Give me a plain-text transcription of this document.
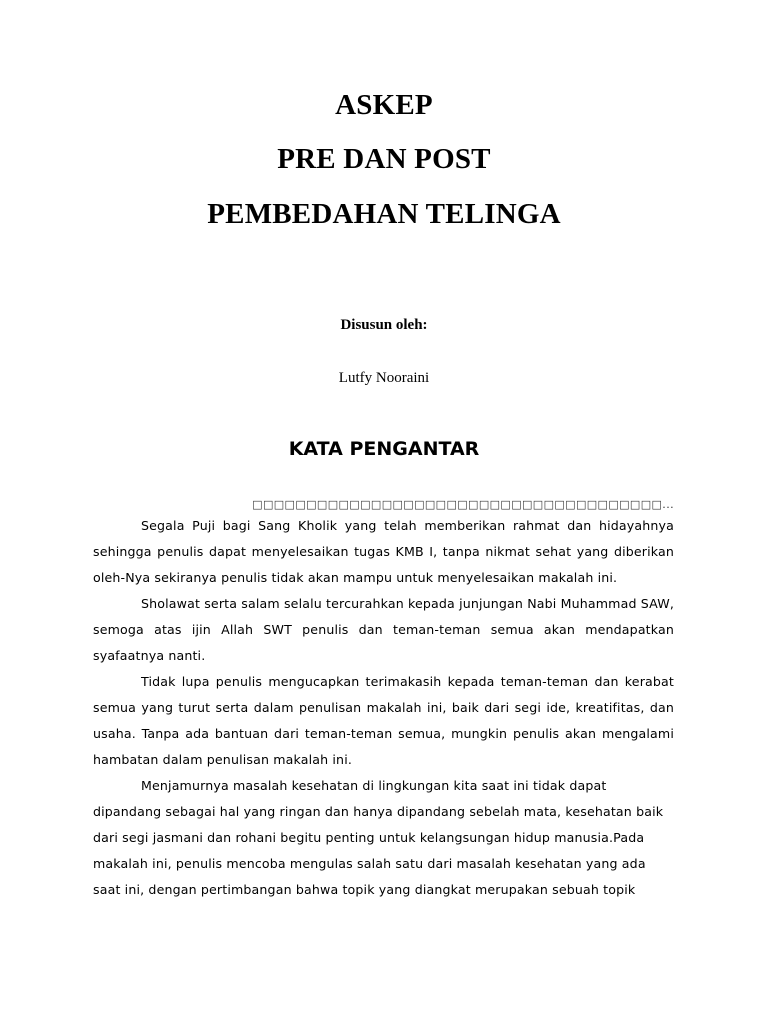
ASKEP
PRE DAN POST
PEMBEDAHAN TELINGA
Disusun oleh:
Lutfy Nooraini
KATA PENGANTAR
□□□□□□□□□□□□□□□□□□□□□□□□□□□□□□□□□□□□□□...

Segala Puji bagi Sang Kholik yang telah memberikan rahmat dan hidayahnya sehingga penulis dapat menyelesaikan tugas KMB I, tanpa nikmat sehat yang diberikan oleh-Nya sekiranya penulis tidak akan mampu untuk menyelesaikan makalah ini.

Sholawat serta salam selalu tercurahkan kepada junjungan Nabi Muhammad SAW, semoga atas ijin Allah SWT penulis dan teman-teman semua akan mendapatkan syafaatnya nanti.

Tidak lupa penulis mengucapkan terimakasih kepada teman-teman dan kerabat semua yang turut serta dalam penulisan makalah ini, baik dari segi ide, kreatifitas, dan usaha. Tanpa ada bantuan dari teman-teman semua, mungkin penulis akan mengalami hambatan dalam penulisan makalah ini.

Menjamurnya masalah kesehatan di lingkungan kita saat ini tidak dapat dipandang sebagai hal yang ringan dan hanya dipandang sebelah mata, kesehatan baik dari segi jasmani dan rohani begitu penting untuk kelangsungan hidup manusia.Pada makalah ini, penulis mencoba mengulas salah satu dari masalah kesehatan yang ada saat ini, dengan pertimbangan bahwa topik yang diangkat merupakan sebuah topik
